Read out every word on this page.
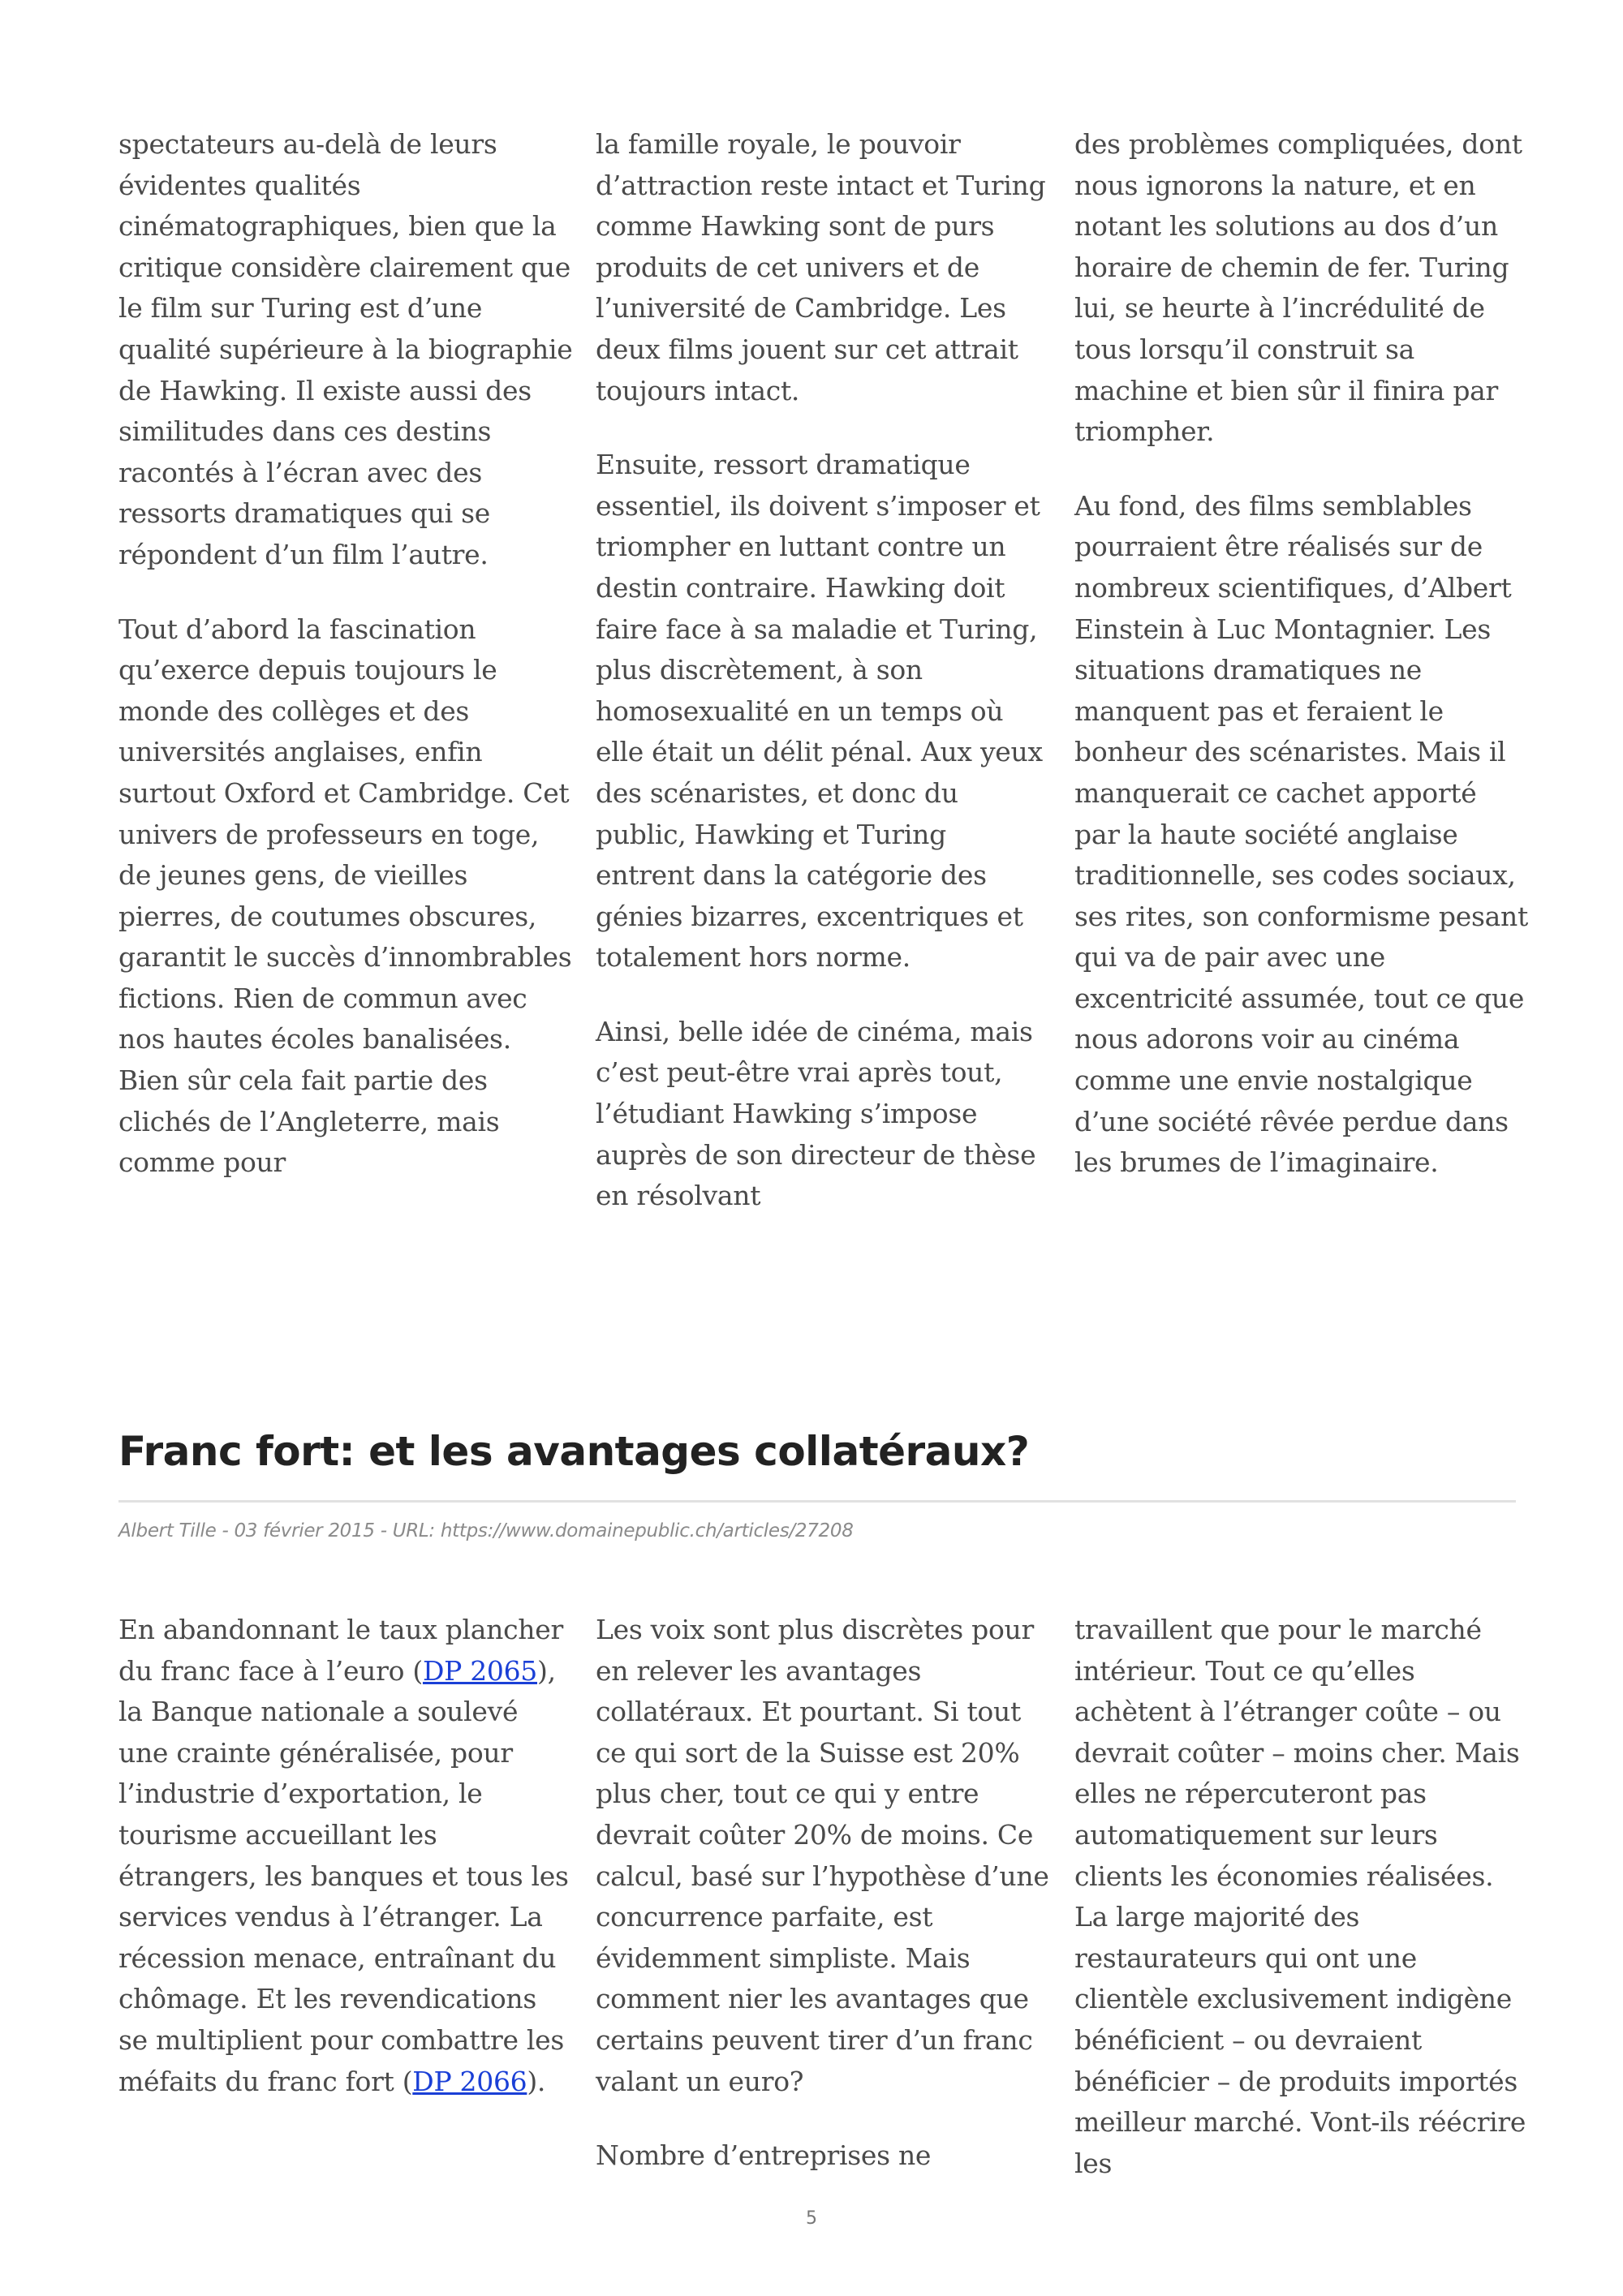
spectateurs au-delà de leurs évidentes qualités cinématographiques, bien que la critique considère clairement que le film sur Turing est d’une qualité supérieure à la biographie de Hawking. Il existe aussi des similitudes dans ces destins racontés à l’écran avec des ressorts dramatiques qui se répondent d’un film l’autre.

Tout d’abord la fascination qu’exerce depuis toujours le monde des collèges et des universités anglaises, enfin surtout Oxford et Cambridge. Cet univers de professeurs en toge, de jeunes gens, de vieilles pierres, de coutumes obscures, garantit le succès d’innombrables fictions. Rien de commun avec nos hautes écoles banalisées. Bien sûr cela fait partie des clichés de l’Angleterre, mais comme pour

la famille royale, le pouvoir d’attraction reste intact et Turing comme Hawking sont de purs produits de cet univers et de l’université de Cambridge. Les deux films jouent sur cet attrait toujours intact.

Ensuite, ressort dramatique essentiel, ils doivent s’imposer et triompher en luttant contre un destin contraire. Hawking doit faire face à sa maladie et Turing, plus discrètement, à son homosexualité en un temps où elle était un délit pénal. Aux yeux des scénaristes, et donc du public, Hawking et Turing entrent dans la catégorie des génies bizarres, excentriques et totalement hors norme.

Ainsi, belle idée de cinéma, mais c’est peut-être vrai après tout, l’étudiant Hawking s’impose auprès de son directeur de thèse en résolvant

des problèmes compliquées, dont nous ignorons la nature, et en notant les solutions au dos d’un horaire de chemin de fer. Turing lui, se heurte à l’incrédulité de tous lorsqu’il construit sa machine et bien sûr il finira par triompher.

Au fond, des films semblables pourraient être réalisés sur de nombreux scientifiques, d’Albert Einstein à Luc Montagnier. Les situations dramatiques ne manquent pas et feraient le bonheur des scénaristes. Mais il manquerait ce cachet apporté par la haute société anglaise traditionnelle, ses codes sociaux, ses rites, son conformisme pesant qui va de pair avec une excentricité assumée, tout ce que nous adorons voir au cinéma comme une envie nostalgique d’une société rêvée perdue dans les brumes de l’imaginaire.

Franc fort: et les avantages collatéraux?
Albert Tille - 03 février 2015 - URL: https://www.domainepublic.ch/articles/27208

En abandonnant le taux plancher du franc face à l’euro (DP 2065), la Banque nationale a soulevé une crainte généralisée, pour l’industrie d’exportation, le tourisme accueillant les étrangers, les banques et tous les services vendus à l’étranger. La récession menace, entraînant du chômage. Et les revendications se multiplient pour combattre les méfaits du franc fort (DP 2066).

Les voix sont plus discrètes pour en relever les avantages collatéraux. Et pourtant. Si tout ce qui sort de la Suisse est 20% plus cher, tout ce qui y entre devrait coûter 20% de moins. Ce calcul, basé sur l’hypothèse d’une concurrence parfaite, est évidemment simpliste. Mais comment nier les avantages que certains peuvent tirer d’un franc valant un euro?

Nombre d’entreprises ne

travaillent que pour le marché intérieur. Tout ce qu’elles achètent à l’étranger coûte – ou devrait coûter – moins cher. Mais elles ne répercuteront pas automatiquement sur leurs clients les économies réalisées. La large majorité des restaurateurs qui ont une clientèle exclusivement indigène bénéficient – ou devraient bénéficier – de produits importés meilleur marché. Vont-ils réécrire les

5
